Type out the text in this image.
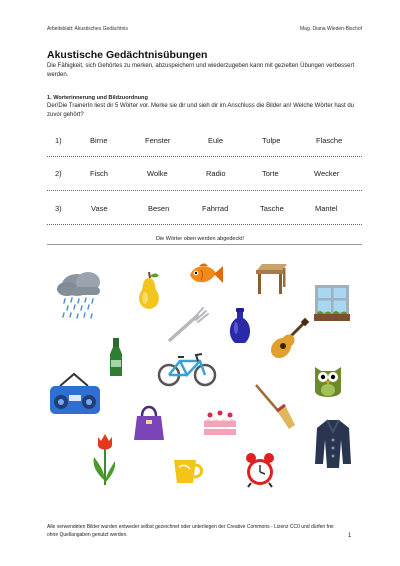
Arbeitsblatt: Akustisches Gedächtnis	Mag. Diana Wieden-Bischof
Akustische Gedächtnisübungen
Die Fähigkeit, sich Gehörtes zu merken, abzuspeichern und wiederzugeben kann mit gezielten Übungen verbessert werden.
1. Worterinnerung und Bildzuordnung
Der/Die TrainerIn liest dir 5 Wörter vor. Merke sie dir und sieh dir im Anschluss die Bilder an! Welche Wörter hast du zuvor gehört?
1)	Birne	Fenster	Eule	Tulpe	Flasche
2)	Fisch	Wolke	Radio	Torte	Wecker
3)	Vase	Besen	Fahrrad	Tasche	Mantel
Die Wörter oben werden abgedeckt!
Alle verwendeten Bilder wurden entweder selbst gezeichnet oder unterliegen der Creative Commons - Lizenz CC0 und dürfen frei ohne Quellangaben genutzt werden.	1
